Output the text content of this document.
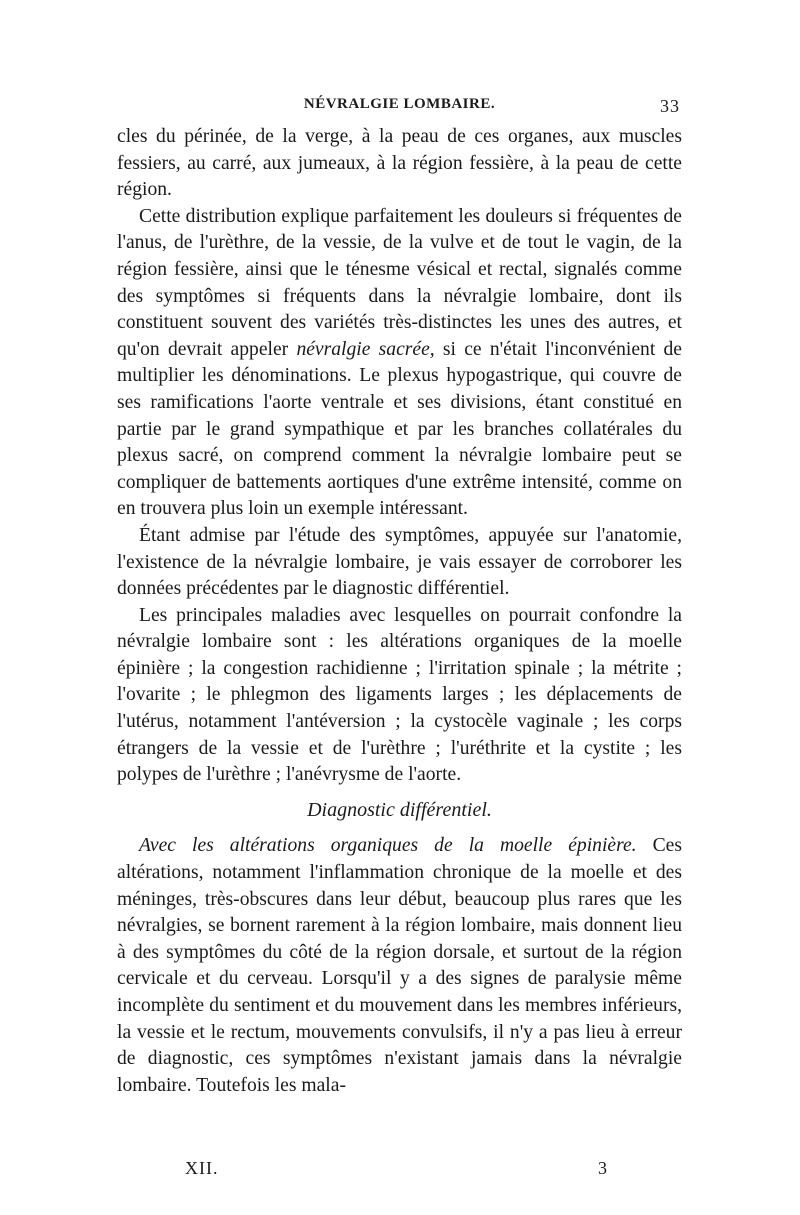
NÉVRALGIE LOMBAIRE.	33

cles du périnée, de la verge, à la peau de ces organes, aux muscles fessiers, au carré, aux jumeaux, à la région fessière, à la peau de cette région.

Cette distribution explique parfaitement les douleurs si fréquentes de l'anus, de l'urèthre, de la vessie, de la vulve et de tout le vagin, de la région fessière, ainsi que le ténesme vésical et rectal, signalés comme des symptômes si fréquents dans la névralgie lombaire, dont ils constituent souvent des variétés très-distinctes les unes des autres, et qu'on devrait appeler névralgie sacrée, si ce n'était l'inconvénient de multiplier les dénominations. Le plexus hypogastrique, qui couvre de ses ramifications l'aorte ventrale et ses divisions, étant constitué en partie par le grand sympathique et par les branches collatérales du plexus sacré, on comprend comment la névralgie lombaire peut se compliquer de battements aortiques d'une extrême intensité, comme on en trouvera plus loin un exemple intéressant.

Étant admise par l'étude des symptômes, appuyée sur l'anatomie, l'existence de la névralgie lombaire, je vais essayer de corroborer les données précédentes par le diagnostic différentiel.

Les principales maladies avec lesquelles on pourrait confondre la névralgie lombaire sont : les altérations organiques de la moelle épinière ; la congestion rachidienne ; l'irritation spinale ; la métrite ; l'ovarite ; le phlegmon des ligaments larges ; les déplacements de l'utérus, notamment l'antéversion ; la cystocèle vaginale ; les corps étrangers de la vessie et de l'urèthre ; l'uréthrite et la cystite ; les polypes de l'urèthre ; l'anévrysme de l'aorte.

Diagnostic différentiel.

Avec les altérations organiques de la moelle épinière. Ces altérations, notamment l'inflammation chronique de la moelle et des méninges, très-obscures dans leur début, beaucoup plus rares que les névralgies, se bornent rarement à la région lombaire, mais donnent lieu à des symptômes du côté de la région dorsale, et surtout de la région cervicale et du cerveau. Lorsqu'il y a des signes de paralysie même incomplète du sentiment et du mouvement dans les membres inférieurs, la vessie et le rectum, mouvements convulsifs, il n'y a pas lieu à erreur de diagnostic, ces symptômes n'existant jamais dans la névralgie lombaire. Toutefois les mala-

XII.	3
